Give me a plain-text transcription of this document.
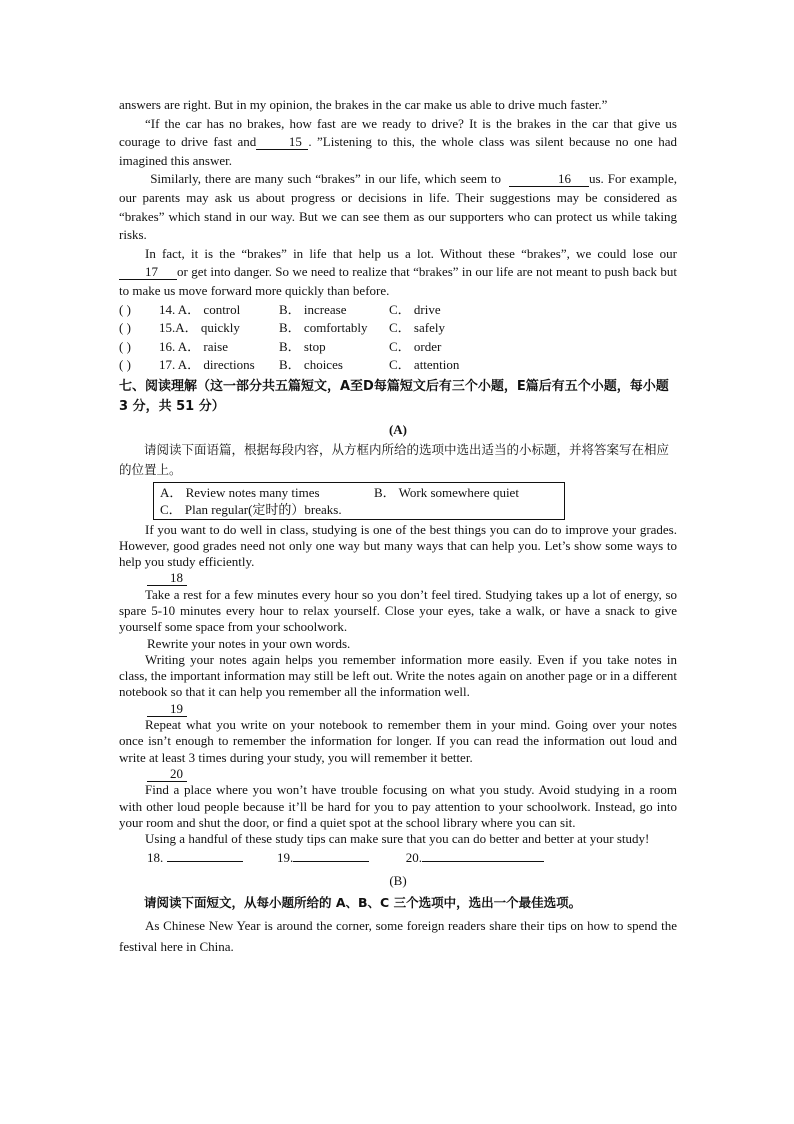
answers are right. But in my opinion, the brakes in the car make us able to drive much faster.”

“If the car has no brakes, how fast are we ready to drive? It is the brakes in the car that give us courage to drive fast and	15 . ”Listening to this, the whole class was silent because no one had imagined this answer.

Similarly, there are many such “brakes” in our life, which seem to	16 us. For example, our parents may ask us about progress or decisions in life. Their suggestions may be considered as “brakes” which stand in our way. But we can see them as our supporters who can protect us while taking risks.

In fact, it is the “brakes” in life that help us a lot. Without these “brakes”, we could lose our 17 or get into danger. So we need to realize that “brakes” in our life are not meant to push back but to make us move forward more quickly than before.

( )	14. A． control	B． increase	C． drive
( )	15.A． quickly	B． comfortably	C． safely
( )	16. A． raise	B． stop	C． order
( )	17. A． directions	B． choices	C． attention

七、阅读理解（这一部分共五篇短文，A至D每篇短文后有三个小题，E篇后有五个小题，每小题 3 分，共 51 分）

(A)

请阅读下面语篇，根据每段内容，从方框内所给的选项中选出适当的小标题，并将答案写在相应的位置上。

A． Review notes many times	B． Work somewhere quiet
C． Plan regular(定时的）breaks.

If you want to do well in class, studying is one of the best things you can do to improve your grades. However, good grades need not only one way but many ways that can help you. Let’s show some ways to help you study efficiently.

18

Take a rest for a few minutes every hour so you don’t feel tired. Studying takes up a lot of energy, so spare 5-10 minutes every hour to relax yourself. Close your eyes, take a walk, or have a snack to give yourself some space from your schoolwork.

Rewrite your notes in your own words.

Writing your notes again helps you remember information more easily. Even if you take notes in class, the important information may still be left out. Write the notes again on another page or in a different notebook so that it can help you remember all the information well.

19

Repeat what you write on your notebook to remember them in your mind. Going over your notes once isn’t enough to remember the information for longer. If you can read the information out loud and write at least 3 times during your study, you will remember it better.

20

Find a place where you won’t have trouble focusing on what you study. Avoid studying in a room with other loud people because it’ll be hard for you to pay attention to your schoolwork. Instead, go into your room and shut the door, or find a quiet spot at the school library where you can sit.

Using a handful of these study tips can make sure that you can do better and better at your study!

18.	19.	20.

(B)

请阅读下面短文，从每小题所给的 A、B、C 三个选项中，选出一个最佳选项。

As Chinese New Year is around the corner, some foreign readers share their tips on how to spend the festival here in China.
